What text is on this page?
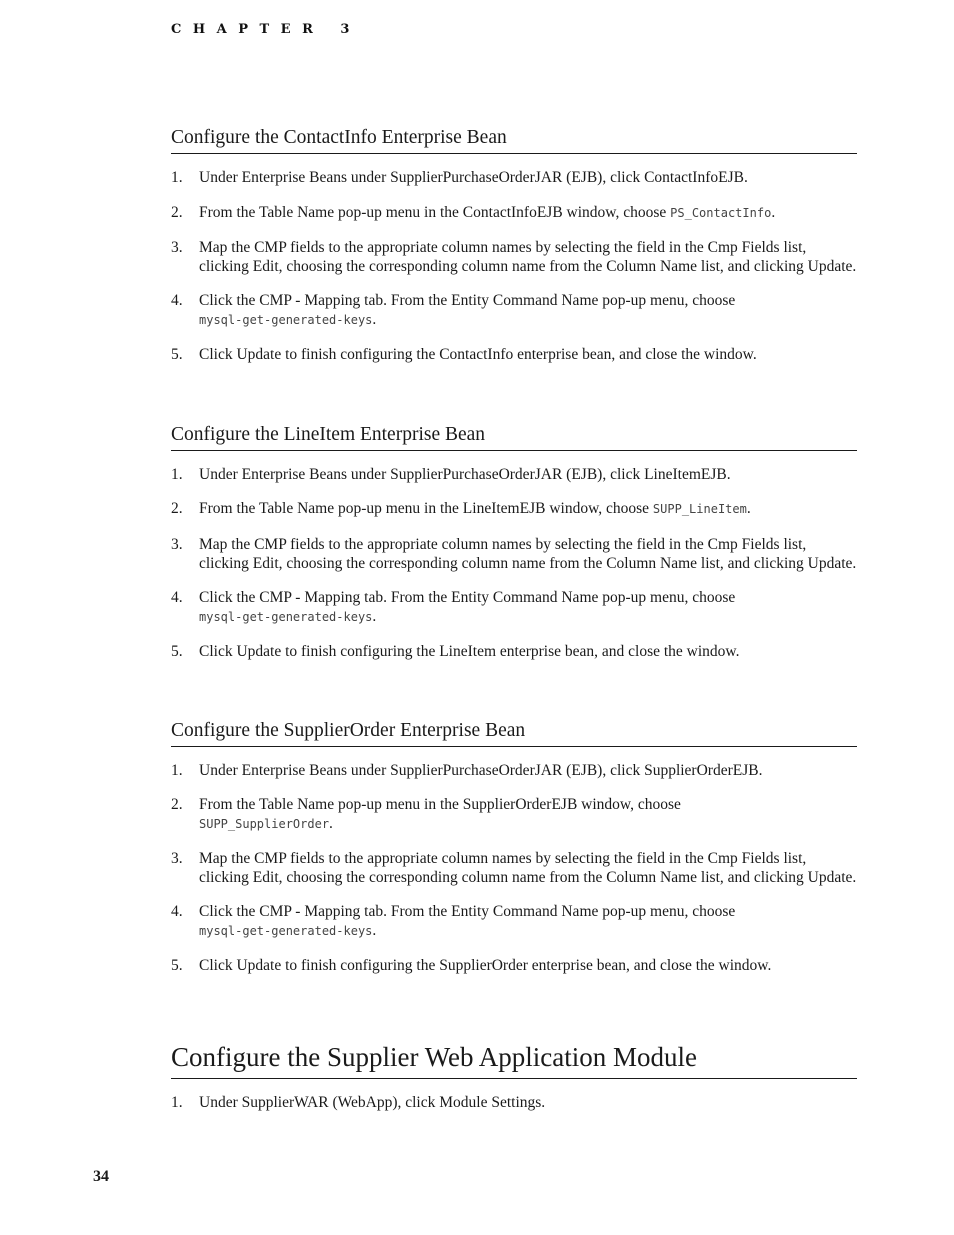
CHAPTER 3
Configure the ContactInfo Enterprise Bean
1. Under Enterprise Beans under SupplierPurchaseOrderJAR (EJB), click ContactInfoEJB.
2. From the Table Name pop-up menu in the ContactInfoEJB window, choose PS_ContactInfo.
3. Map the CMP fields to the appropriate column names by selecting the field in the Cmp Fields list, clicking Edit, choosing the corresponding column name from the Column Name list, and clicking Update.
4. Click the CMP - Mapping tab. From the Entity Command Name pop-up menu, choose
mysql-get-generated-keys.
5. Click Update to finish configuring the ContactInfo enterprise bean, and close the window.
Configure the LineItem Enterprise Bean
1. Under Enterprise Beans under SupplierPurchaseOrderJAR (EJB), click LineItemEJB.
2. From the Table Name pop-up menu in the LineItemEJB window, choose SUPP_LineItem.
3. Map the CMP fields to the appropriate column names by selecting the field in the Cmp Fields list, clicking Edit, choosing the corresponding column name from the Column Name list, and clicking Update.
4. Click the CMP - Mapping tab. From the Entity Command Name pop-up menu, choose
mysql-get-generated-keys.
5. Click Update to finish configuring the LineItem enterprise bean, and close the window.
Configure the SupplierOrder Enterprise Bean
1. Under Enterprise Beans under SupplierPurchaseOrderJAR (EJB), click SupplierOrderEJB.
2. From the Table Name pop-up menu in the SupplierOrderEJB window, choose
SUPP_SupplierOrder.
3. Map the CMP fields to the appropriate column names by selecting the field in the Cmp Fields list, clicking Edit, choosing the corresponding column name from the Column Name list, and clicking Update.
4. Click the CMP - Mapping tab. From the Entity Command Name pop-up menu, choose
mysql-get-generated-keys.
5. Click Update to finish configuring the SupplierOrder enterprise bean, and close the window.
Configure the Supplier Web Application Module
1. Under SupplierWAR (WebApp), click Module Settings.
34
